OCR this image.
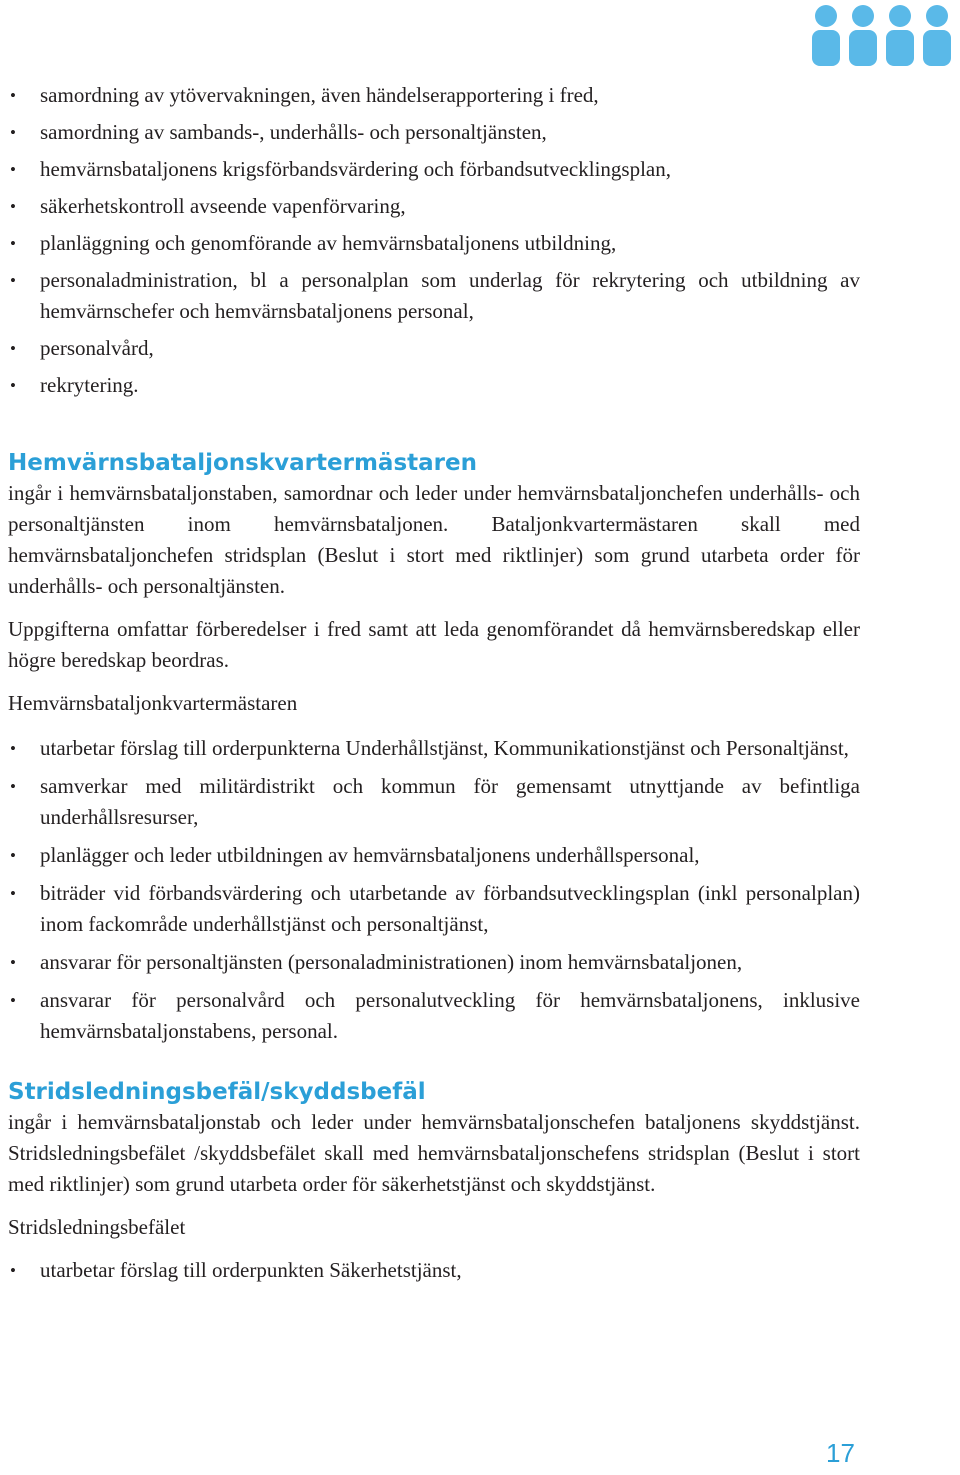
• samordning av ytövervakningen, även händelserapportering i fred,
• samordning av sambands-, underhålls- och personaltjänsten,
• hemvärnsbataljonens krigsförbandsvärdering och förbandsutvecklingsplan,
• säkerhetskontroll avseende vapenförvaring,
• planläggning och genomförande av hemvärnsbataljonens utbildning,
• personaladministration, bl a personalplan som underlag för rekrytering och utbildning av hemvärnschefer och hemvärnsbataljonens personal,
• personalvård,
• rekrytering.
Hemvärnsbataljonskvartermästaren

ingår i hemvärnsbataljonstaben, samordnar och leder under hemvärnsbataljonchefen underhålls- och personaltjänsten inom hemvärnsbataljonen. Bataljonkvartermästaren skall med hemvärnsbataljonchefen stridsplan (Beslut i stort med riktlinjer) som grund utarbeta order för underhålls- och personaltjänsten.

Uppgifterna omfattar förberedelser i fred samt att leda genomförandet då hemvärnsberedskap eller högre beredskap beordras.

Hemvärnsbataljonkvartermästaren

• utarbetar förslag till orderpunkterna Underhållstjänst, Kommunikationstjänst och Personaltjänst,
• samverkar med militärdistrikt och kommun för gemensamt utnyttjande av befintliga underhållsresurser,
• planlägger och leder utbildningen av hemvärnsbataljonens underhållspersonal,
• biträder vid förbandsvärdering och utarbetande av förbandsutvecklingsplan (inkl personalplan) inom fackområde underhållstjänst och personaltjänst,
• ansvarar för personaltjänsten (personaladministrationen) inom hemvärnsbataljonen,
• ansvarar för personalvård och personalutveckling för hemvärnsbataljonens, inklusive hemvärnsbataljonstabens, personal.
Stridsledningsbefäl/skyddsbefäl

ingår i hemvärnsbataljonstab och leder under hemvärnsbataljonschefen bataljonens skyddstjänst. Stridsledningsbefälet /skyddsbefälet skall med hemvärnsbataljonschefens stridsplan (Beslut i stort med riktlinjer) som grund utarbeta order för säkerhetstjänst och skyddstjänst.

Stridsledningsbefälet

• utarbetar förslag till orderpunkten Säkerhetstjänst,
17
